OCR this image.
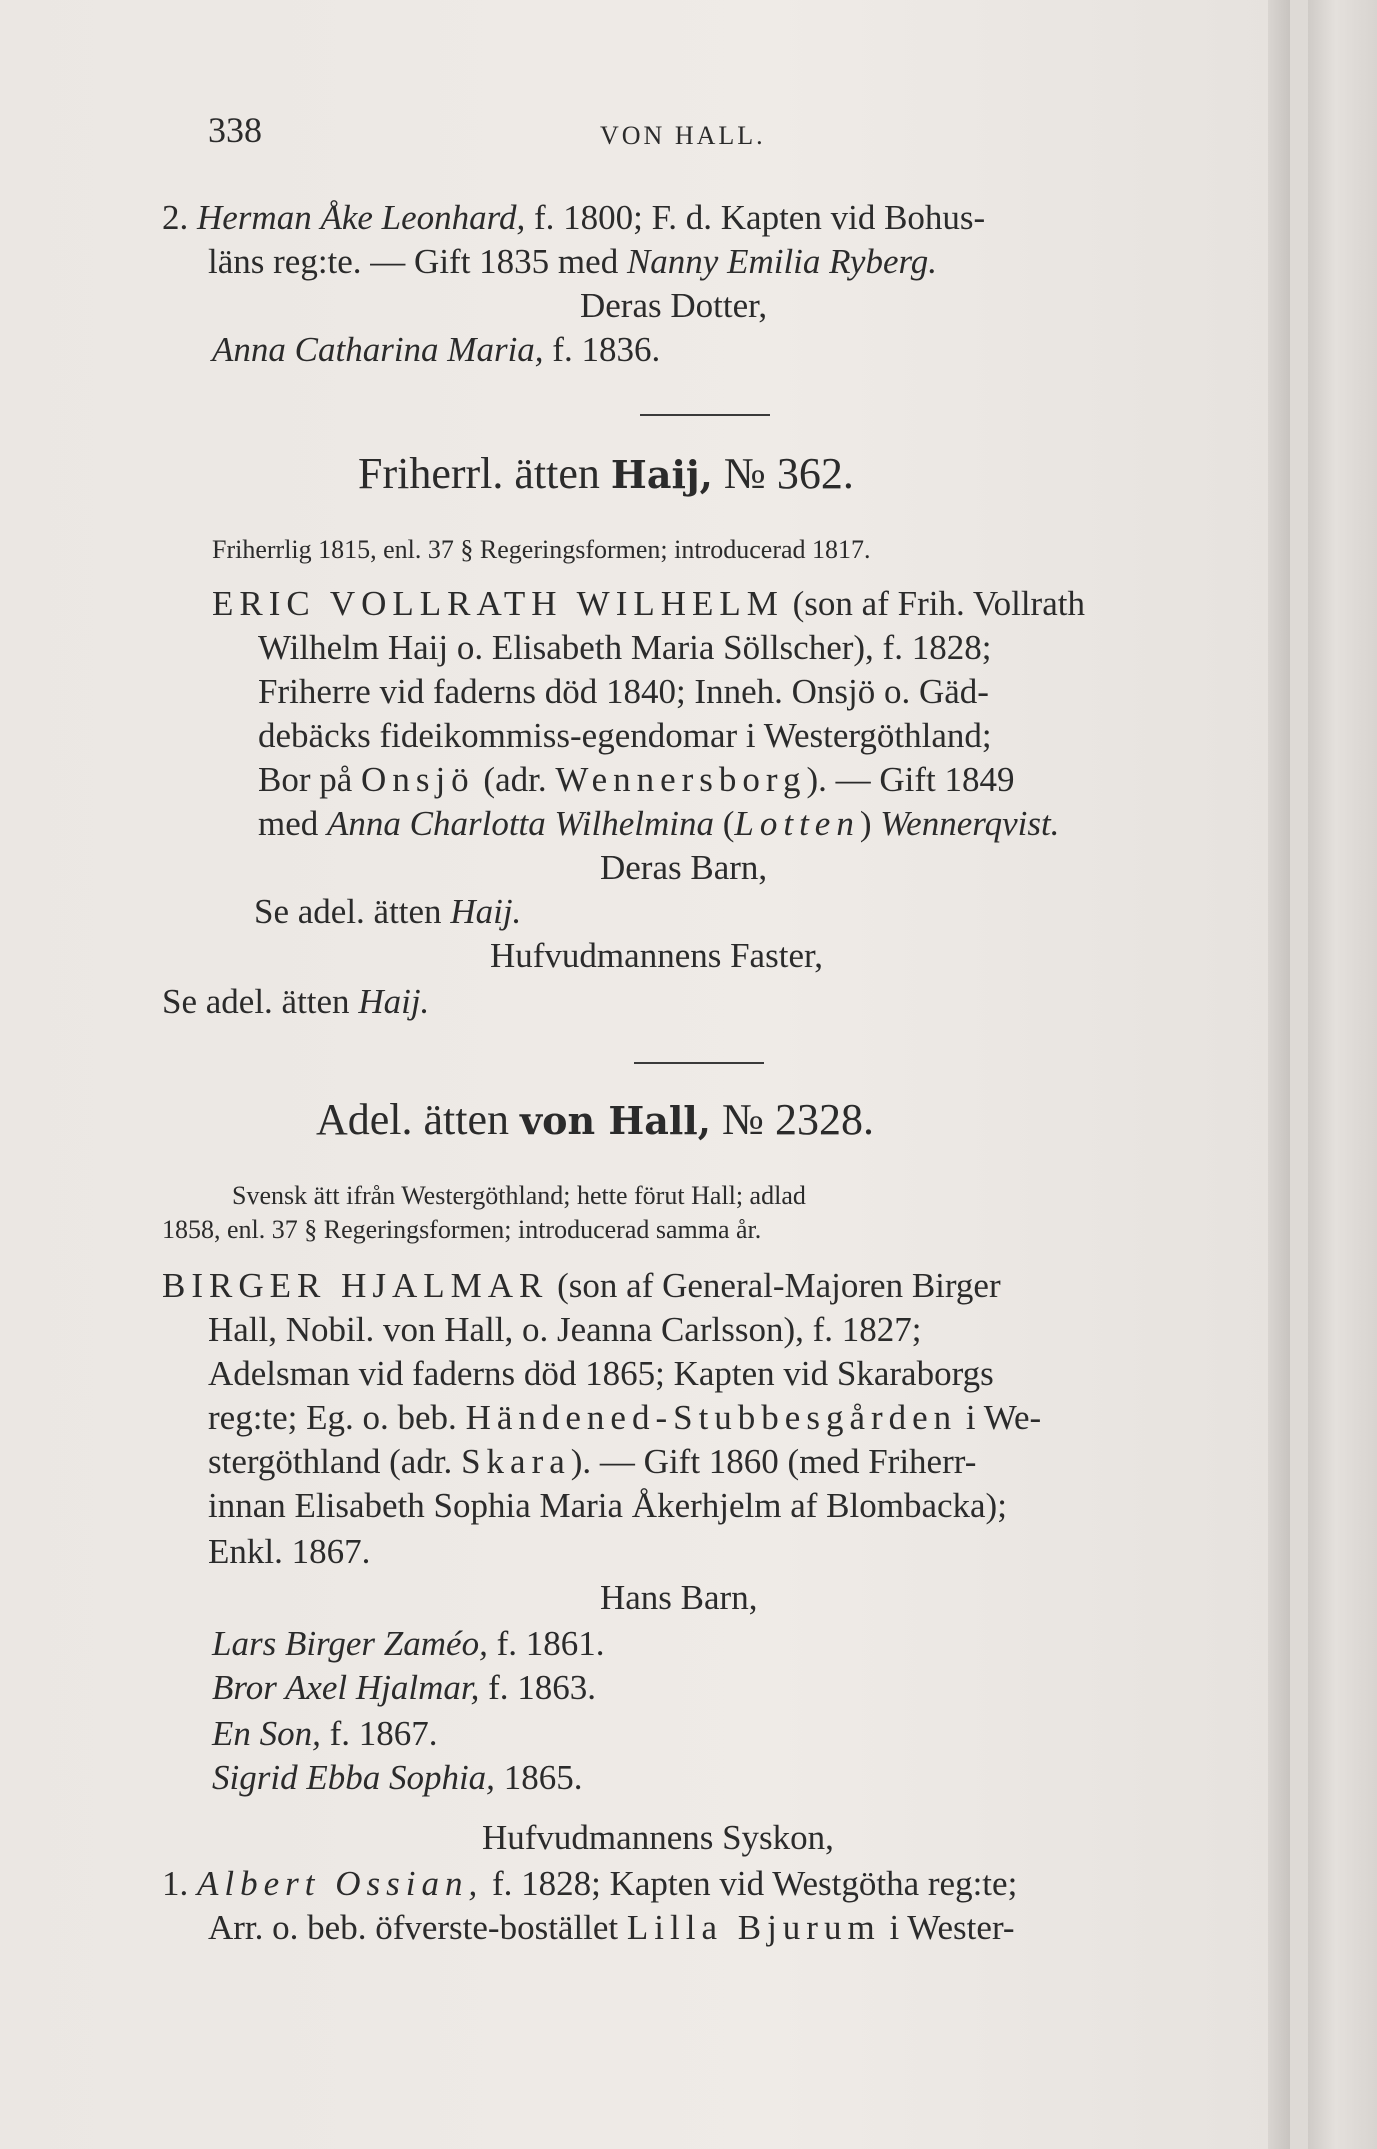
338	VON HALL.
2. Herman Åke Leonhard, f. 1800; F. d. Kapten vid Bohus-
läns reg:te. — Gift 1835 med Nanny Emilia Ryberg.
Deras Dotter,
Anna Catharina Maria, f. 1836.
Friherrl. ätten Haij, № 362.
Friherrlig 1815, enl. 37 § Regeringsformen; introducerad 1817.
ERIC VOLLRATH WILHELM (son af Frih. Vollrath
Wilhelm Haij o. Elisabeth Maria Söllscher), f. 1828;
Friherre vid faderns död 1840; Inneh. Onsjö o. Gäd-
debäcks fideikommiss-egendomar i Westergöthland;
Bor på Onsjö (adr. Wennersborg). — Gift 1849
med Anna Charlotta Wilhelmina (Lotten) Wennerqvist.
Deras Barn,
Se adel. ätten Haij.
Hufvudmannens Faster,
Se adel. ätten Haij.
Adel. ätten von Hall, № 2328.
Svensk ätt ifrån Westergöthland; hette förut Hall; adlad
1858, enl. 37 § Regeringsformen; introducerad samma år.
BIRGER HJALMAR (son af General-Majoren Birger
Hall, Nobil. von Hall, o. Jeanna Carlsson), f. 1827;
Adelsman vid faderns död 1865; Kapten vid Skaraborgs
reg:te; Eg. o. beb. Händened-Stubbesgården i We-
stergöthland (adr. Skara). — Gift 1860 (med Friherr-
innan Elisabeth Sophia Maria Åkerhjelm af Blombacka);
Enkl. 1867.
Hans Barn,
Lars Birger Zaméo, f. 1861.
Bror Axel Hjalmar, f. 1863.
En Son, f. 1867.
Sigrid Ebba Sophia, 1865.
Hufvudmannens Syskon,
1. Albert Ossian, f. 1828; Kapten vid Westgötha reg:te;
Arr. o. beb. öfverste-bostället Lilla Bjurum i Wester-
